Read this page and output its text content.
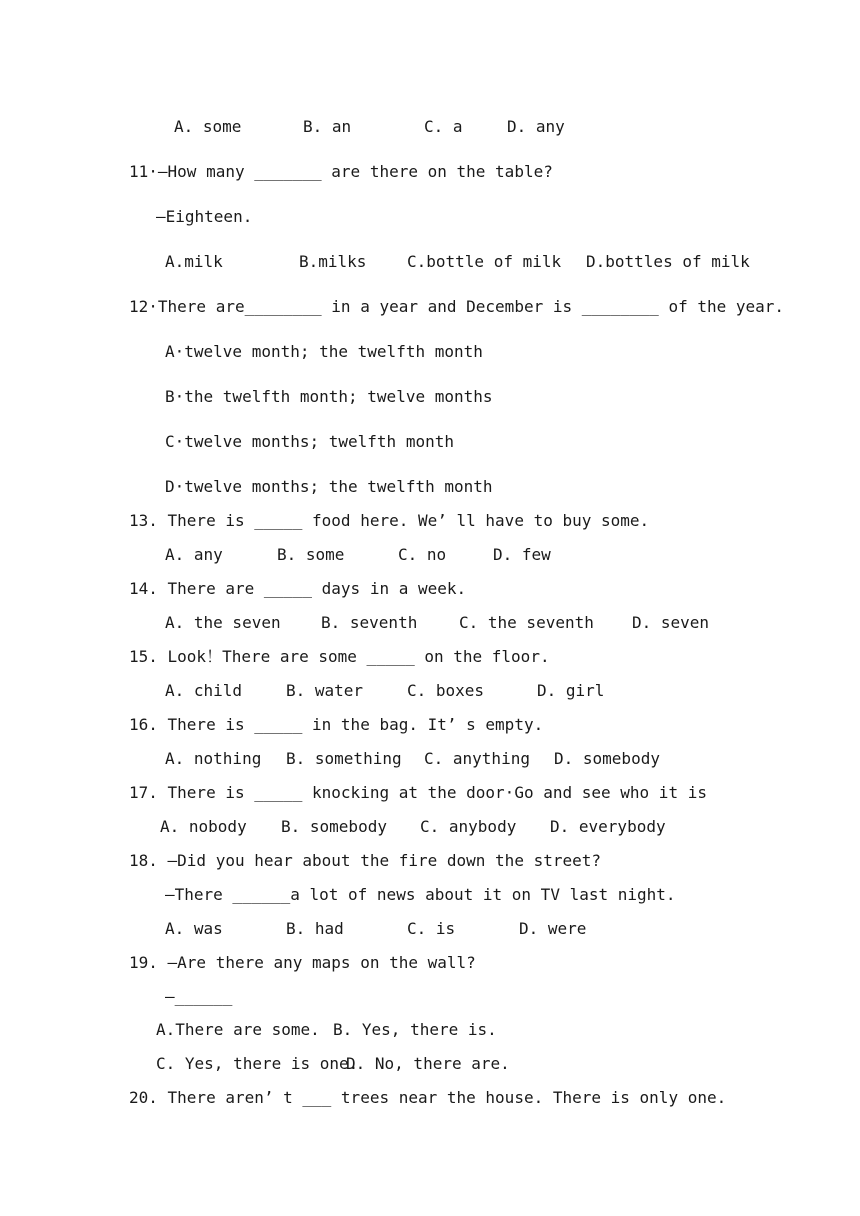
A. some	B. an	C. a	D. any
11·—How many _______ are there on the table?
—Eighteen.
A.milk	B.milks	C.bottle of milk D.bottles of milk
12·There are________ in a year and December is ________ of the year.
A·twelve month; the twelfth month
B·the twelfth month; twelve months
C·twelve months; twelfth month
D·twelve months; the twelfth month
13. There is _____ food here. We’ ll have to buy some.
A. any	B. some	C. no	D. few
14. There are _____ days in a week.
A. the seven	B. seventh	C. the seventh D. seven
15. Look！There are some _____ on the floor.
A. child	B. water	C. boxes	D. girl
16. There is _____ in the bag. It’ s empty.
A. nothing B. something C. anything D. somebody
17. There is _____ knocking at the door·Go and see who it is
A. nobody B. somebody C. anybody D. everybody
18. —Did you hear about the fire down the street?
—There ______a lot of news about it on TV last night.
A. was	B. had	C. is	D. were
19. —Are there any maps on the wall?
—______
A.There are some. B. Yes, there is.
C. Yes, there is one.
D. No, there are.
20. There aren’ t ___ trees near the house. There is only one.
